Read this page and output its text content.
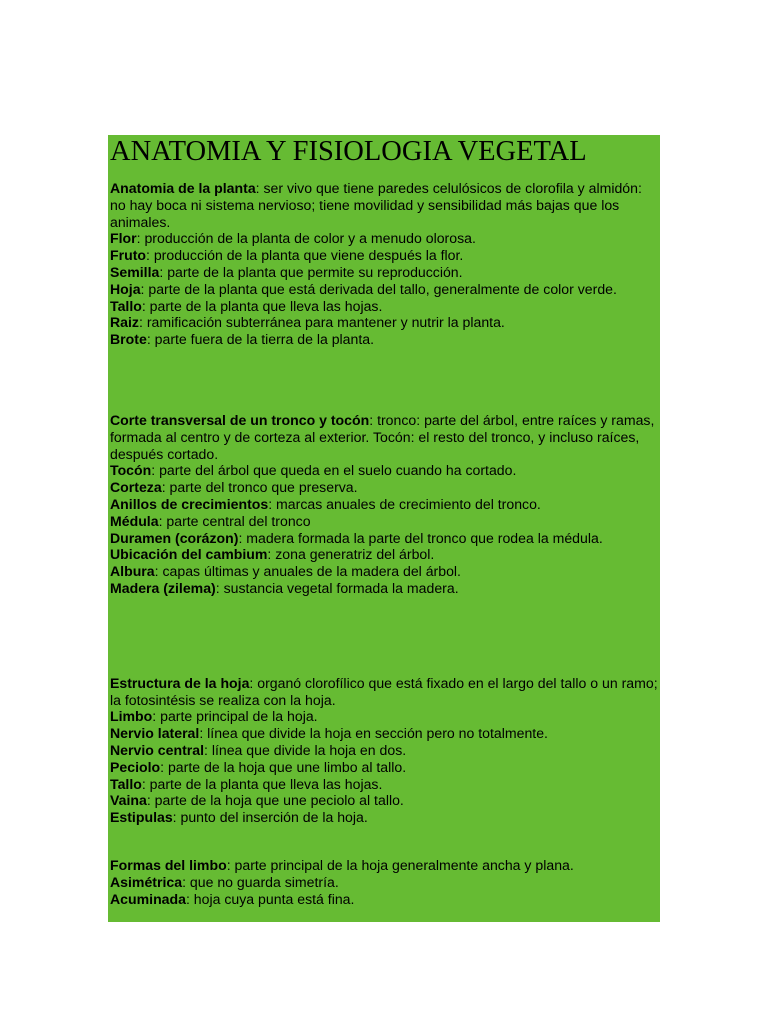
ANATOMIA Y FISIOLOGIA VEGETAL

Anatomia de la planta: ser vivo que tiene paredes celulósicos de clorofila y almidón: no hay boca ni sistema nervioso; tiene movilidad y sensibilidad más bajas que los animales.

Flor: producción de la planta de color y a menudo olorosa.

Fruto: producción de la planta que viene después la flor.

Semilla: parte de la planta que permite su reproducción.

Hoja: parte de la planta que está derivada del tallo, generalmente de color verde.

Tallo: parte de la planta que lleva las hojas.

Raiz: ramificación subterránea para mantener y nutrir la planta.

Brote: parte fuera de la tierra de la planta.

Corte transversal de un tronco y tocón: tronco: parte del árbol, entre raíces y ramas, formada al centro y de corteza al exterior. Tocón: el resto del tronco, y incluso raíces, después cortado.

Tocón: parte del árbol que queda en el suelo cuando ha cortado.

Corteza: parte del tronco que preserva.

Anillos de crecimientos: marcas anuales de crecimiento del tronco.

Médula: parte central del tronco

Duramen (corázon): madera formada la parte del tronco que rodea la médula.

Ubicación del cambium: zona generatriz del árbol.

Albura: capas últimas y anuales de la madera del árbol.

Madera (zilema): sustancia vegetal formada la madera.

Estructura de la hoja: organó clorofílico que está fixado en el largo del tallo o un ramo; la fotosintésis se realiza con la hoja.

Limbo: parte principal de la hoja.

Nervio lateral: línea que divide la hoja en sección pero no totalmente.

Nervio central: línea que divide la hoja en dos.

Peciolo: parte de la hoja que une limbo al tallo.

Tallo: parte de la planta que lleva las hojas.

Vaina: parte de la hoja que une peciolo al tallo.

Estipulas: punto del inserción de la hoja.

Formas del limbo: parte principal de la hoja generalmente ancha y plana.

Asimétrica: que no guarda simetría.

Acuminada: hoja cuya punta está fina.
